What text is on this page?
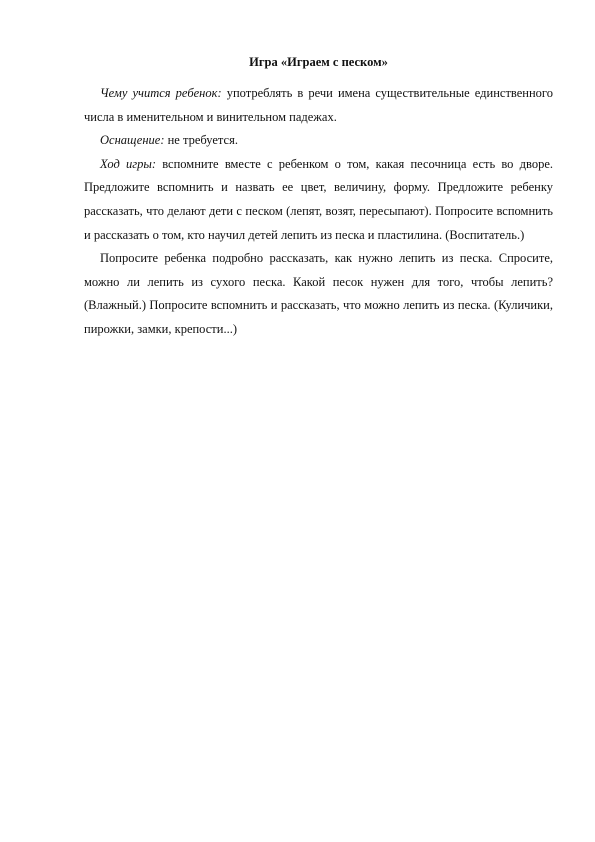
Игра «Играем с песком»

Чему учится ребенок: употреблять в речи имена существительные единственного числа в именительном и винительном падежах.

Оснащение: не требуется.

Ход игры: вспомните вместе с ребенком о том, какая песочница есть во дворе. Предложите вспомнить и назвать ее цвет, величину, форму. Предложите ребенку рассказать, что делают дети с песком (лепят, возят, пересыпают). Попросите вспомнить и рассказать о том, кто научил детей лепить из песка и пластилина. (Воспитатель.)

Попросите ребенка подробно рассказать, как нужно лепить из песка. Спросите, можно ли лепить из сухого песка. Какой песок нужен для того, чтобы лепить? (Влажный.) Попросите вспомнить и рассказать, что можно лепить из песка. (Куличики, пирожки, замки, крепости...)
